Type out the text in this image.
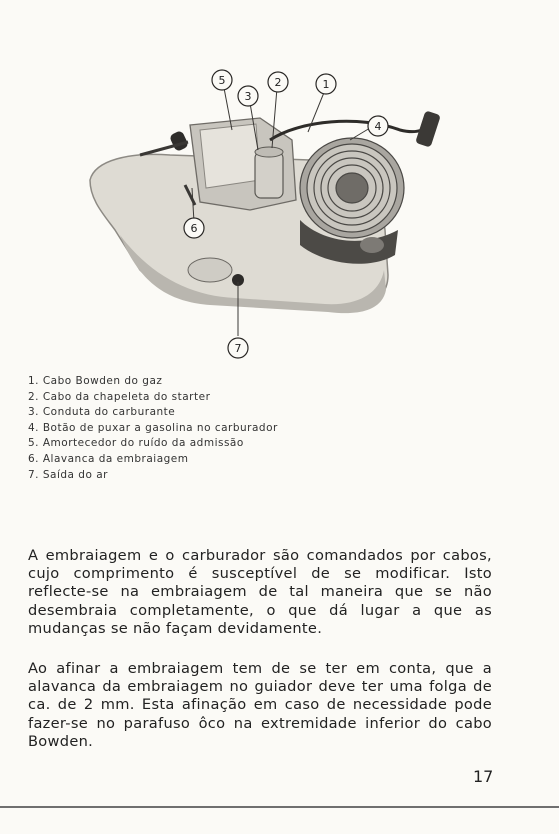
5	2
3
1
4
6
7
1. Cabo Bowden do gaz
2. Cabo da chapeleta do starter
3. Conduta do carburante
4. Botão de puxar a gasolina no carburador
5. Amortecedor do ruído da admissão
6. Alavanca da embraiagem
7. Saída do ar

A embraiagem e o carburador são comandados por cabos, cujo comprimento é susceptível de se modificar. Isto reflecte-se na embraiagem de tal maneira que se não desembraia completamente, o que dá lugar a que as mudanças se não façam devidamente.

Ao afinar a embraiagem tem de se ter em conta, que a alavanca da embraiagem no guiador deve ter uma folga de ca. de 2 mm. Esta afinação em caso de necessidade pode fazer-se no parafuso ôco na extremidade inferior do cabo Bowden.

17
